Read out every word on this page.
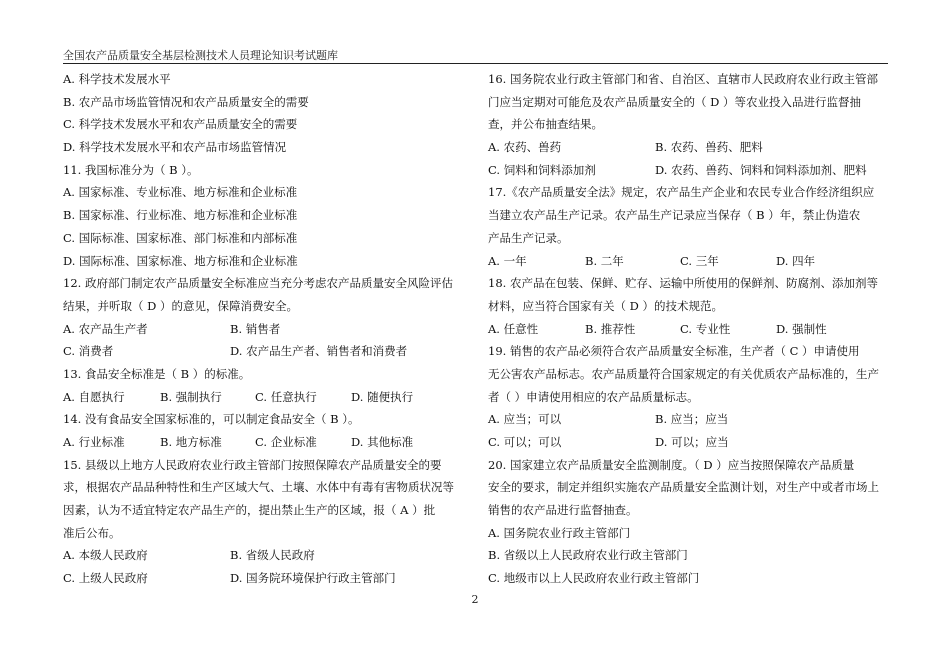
全国农产品质量安全基层检测技术人员理论知识考试题库
A. 科学技术发展水平
B. 农产品市场监管情况和农产品质量安全的需要
C. 科学技术发展水平和农产品质量安全的需要
D. 科学技术发展水平和农产品市场监管情况
11. 我国标准分为（ B ）。
A. 国家标准、专业标准、地方标准和企业标准
B. 国家标准、行业标准、地方标准和企业标准
C. 国际标准、国家标准、部门标准和内部标准
D. 国际标准、国家标准、地方标准和企业标准
12. 政府部门制定农产品质量安全标准应当充分考虑农产品质量安全风险评估
结果，并听取（ D ）的意见，保障消费安全。
A. 农产品生产者	B. 销售者
C. 消费者	D. 农产品生产者、销售者和消费者
13. 食品安全标准是（ B ）的标准。
A. 自愿执行	B. 强制执行	C. 任意执行	D. 随便执行
14. 没有食品安全国家标准的，可以制定食品安全（ B ）。
A. 行业标准	B. 地方标准	C. 企业标准	D. 其他标准
15. 县级以上地方人民政府农业行政主管部门按照保障农产品质量安全的要
求，根据农产品品种特性和生产区域大气、土壤、水体中有毒有害物质状况等
因素，认为不适宜特定农产品生产的，提出禁止生产的区域，报（ A ）批
准后公布。
A. 本级人民政府	B. 省级人民政府
C. 上级人民政府	D. 国务院环境保护行政主管部门
16. 国务院农业行政主管部门和省、自治区、直辖市人民政府农业行政主管部
门应当定期对可能危及农产品质量安全的（ D ）等农业投入品进行监督抽
查，并公布抽查结果。
A. 农药、兽药	B. 农药、兽药、肥料
C. 饲料和饲料添加剂	D. 农药、兽药、饲料和饲料添加剂、肥料
17.《农产品质量安全法》规定，农产品生产企业和农民专业合作经济组织应
当建立农产品生产记录。农产品生产记录应当保存（ B ）年，禁止伪造农
产品生产记录。
A. 一年	B. 二年	C. 三年	D. 四年
18. 农产品在包装、保鲜、贮存、运输中所使用的保鲜剂、防腐剂、添加剂等
材料，应当符合国家有关（ D ）的技术规范。
A. 任意性	B. 推荐性	C. 专业性	D. 强制性
19. 销售的农产品必须符合农产品质量安全标准，生产者（ C ）申请使用
无公害农产品标志。农产品质量符合国家规定的有关优质农产品标准的，生产
者（ ）申请使用相应的农产品质量标志。
A. 应当；可以	B. 应当；应当
C. 可以；可以	D. 可以；应当
20. 国家建立农产品质量安全监测制度。（ D ）应当按照保障农产品质量
安全的要求，制定并组织实施农产品质量安全监测计划，对生产中或者市场上
销售的农产品进行监督抽查。
A. 国务院农业行政主管部门
B. 省级以上人民政府农业行政主管部门
C. 地级市以上人民政府农业行政主管部门
2
